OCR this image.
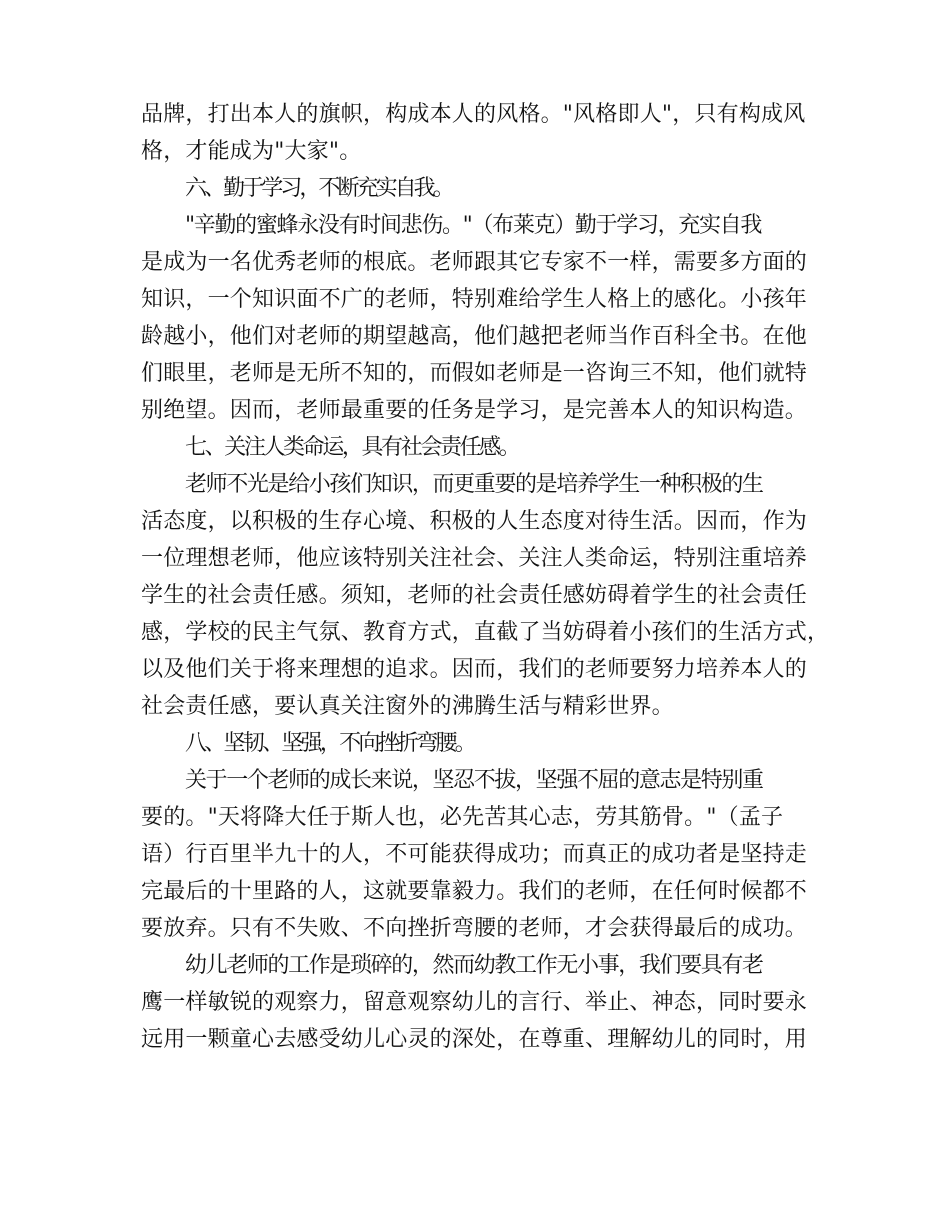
品牌，打出本人的旗帜，构成本人的风格。"风格即人"，只有构成风
格，才能成为"大家"。
六、勤于学习，不断充实自我。
"辛勤的蜜蜂永没有时间悲伤。"（布莱克）勤于学习，充实自我
是成为一名优秀老师的根底。老师跟其它专家不一样，需要多方面的
知识，一个知识面不广的老师，特别难给学生人格上的感化。小孩年
龄越小，他们对老师的期望越高，他们越把老师当作百科全书。在他
们眼里，老师是无所不知的，而假如老师是一咨询三不知，他们就特
别绝望。因而，老师最重要的任务是学习，是完善本人的知识构造。
七、关注人类命运，具有社会责任感。
老师不光是给小孩们知识，而更重要的是培养学生一种积极的生
活态度，以积极的生存心境、积极的人生态度对待生活。因而，作为
一位理想老师，他应该特别关注社会、关注人类命运，特别注重培养
学生的社会责任感。须知，老师的社会责任感妨碍着学生的社会责任
感，学校的民主气氛、教育方式，直截了当妨碍着小孩们的生活方式，
以及他们关于将来理想的追求。因而，我们的老师要努力培养本人的
社会责任感，要认真关注窗外的沸腾生活与精彩世界。
八、坚韧、坚强，不向挫折弯腰。
关于一个老师的成长来说，坚忍不拔，坚强不屈的意志是特别重
要的。"天将降大任于斯人也，必先苦其心志，劳其筋骨。"（孟子
语）行百里半九十的人，不可能获得成功；而真正的成功者是坚持走
完最后的十里路的人，这就要靠毅力。我们的老师，在任何时候都不
要放弃。只有不失败、不向挫折弯腰的老师，才会获得最后的成功。
幼儿老师的工作是琐碎的，然而幼教工作无小事，我们要具有老
鹰一样敏锐的观察力，留意观察幼儿的言行、举止、神态，同时要永
远用一颗童心去感受幼儿心灵的深处，在尊重、理解幼儿的同时，用
